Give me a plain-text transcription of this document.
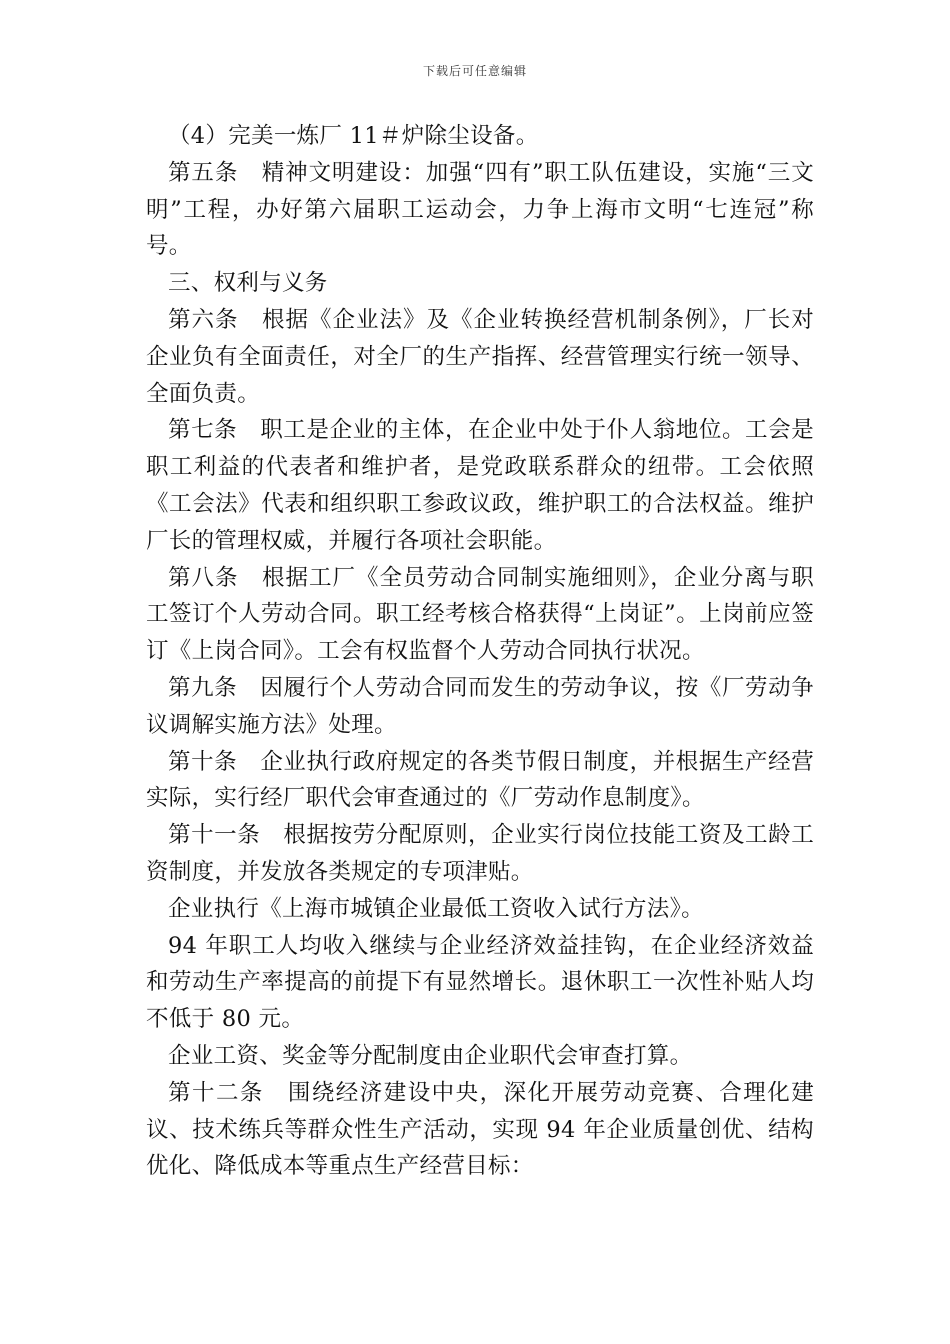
下载后可任意编辑

（4）完美一炼厂 11＃炉除尘设备。

第五条　精神文明建设：加强“四有”职工队伍建设，实施“三文明”工程，办好第六届职工运动会，力争上海市文明“七连冠”称号。

三、权利与义务

第六条　根据《企业法》及《企业转换经营机制条例》，厂长对企业负有全面责任，对全厂的生产指挥、经营管理实行统一领导、全面负责。

第七条　职工是企业的主体，在企业中处于仆人翁地位。工会是职工利益的代表者和维护者，是党政联系群众的纽带。工会依照《工会法》代表和组织职工参政议政，维护职工的合法权益。维护厂长的管理权威，并履行各项社会职能。

第八条　根据工厂《全员劳动合同制实施细则》，企业分离与职工签订个人劳动合同。职工经考核合格获得“上岗证”。上岗前应签订《上岗合同》。工会有权监督个人劳动合同执行状况。

第九条　因履行个人劳动合同而发生的劳动争议，按《厂劳动争议调解实施方法》处理。

第十条　企业执行政府规定的各类节假日制度，并根据生产经营实际，实行经厂职代会审查通过的《厂劳动作息制度》。

第十一条　根据按劳分配原则，企业实行岗位技能工资及工龄工资制度，并发放各类规定的专项津贴。

企业执行《上海市城镇企业最低工资收入试行方法》。

94 年职工人均收入继续与企业经济效益挂钩，在企业经济效益和劳动生产率提高的前提下有显然增长。退休职工一次性补贴人均不低于 80 元。

企业工资、奖金等分配制度由企业职代会审查打算。

第十二条　围绕经济建设中央，深化开展劳动竞赛、合理化建议、技术练兵等群众性生产活动，实现 94 年企业质量创优、结构优化、降低成本等重点生产经营目标：
